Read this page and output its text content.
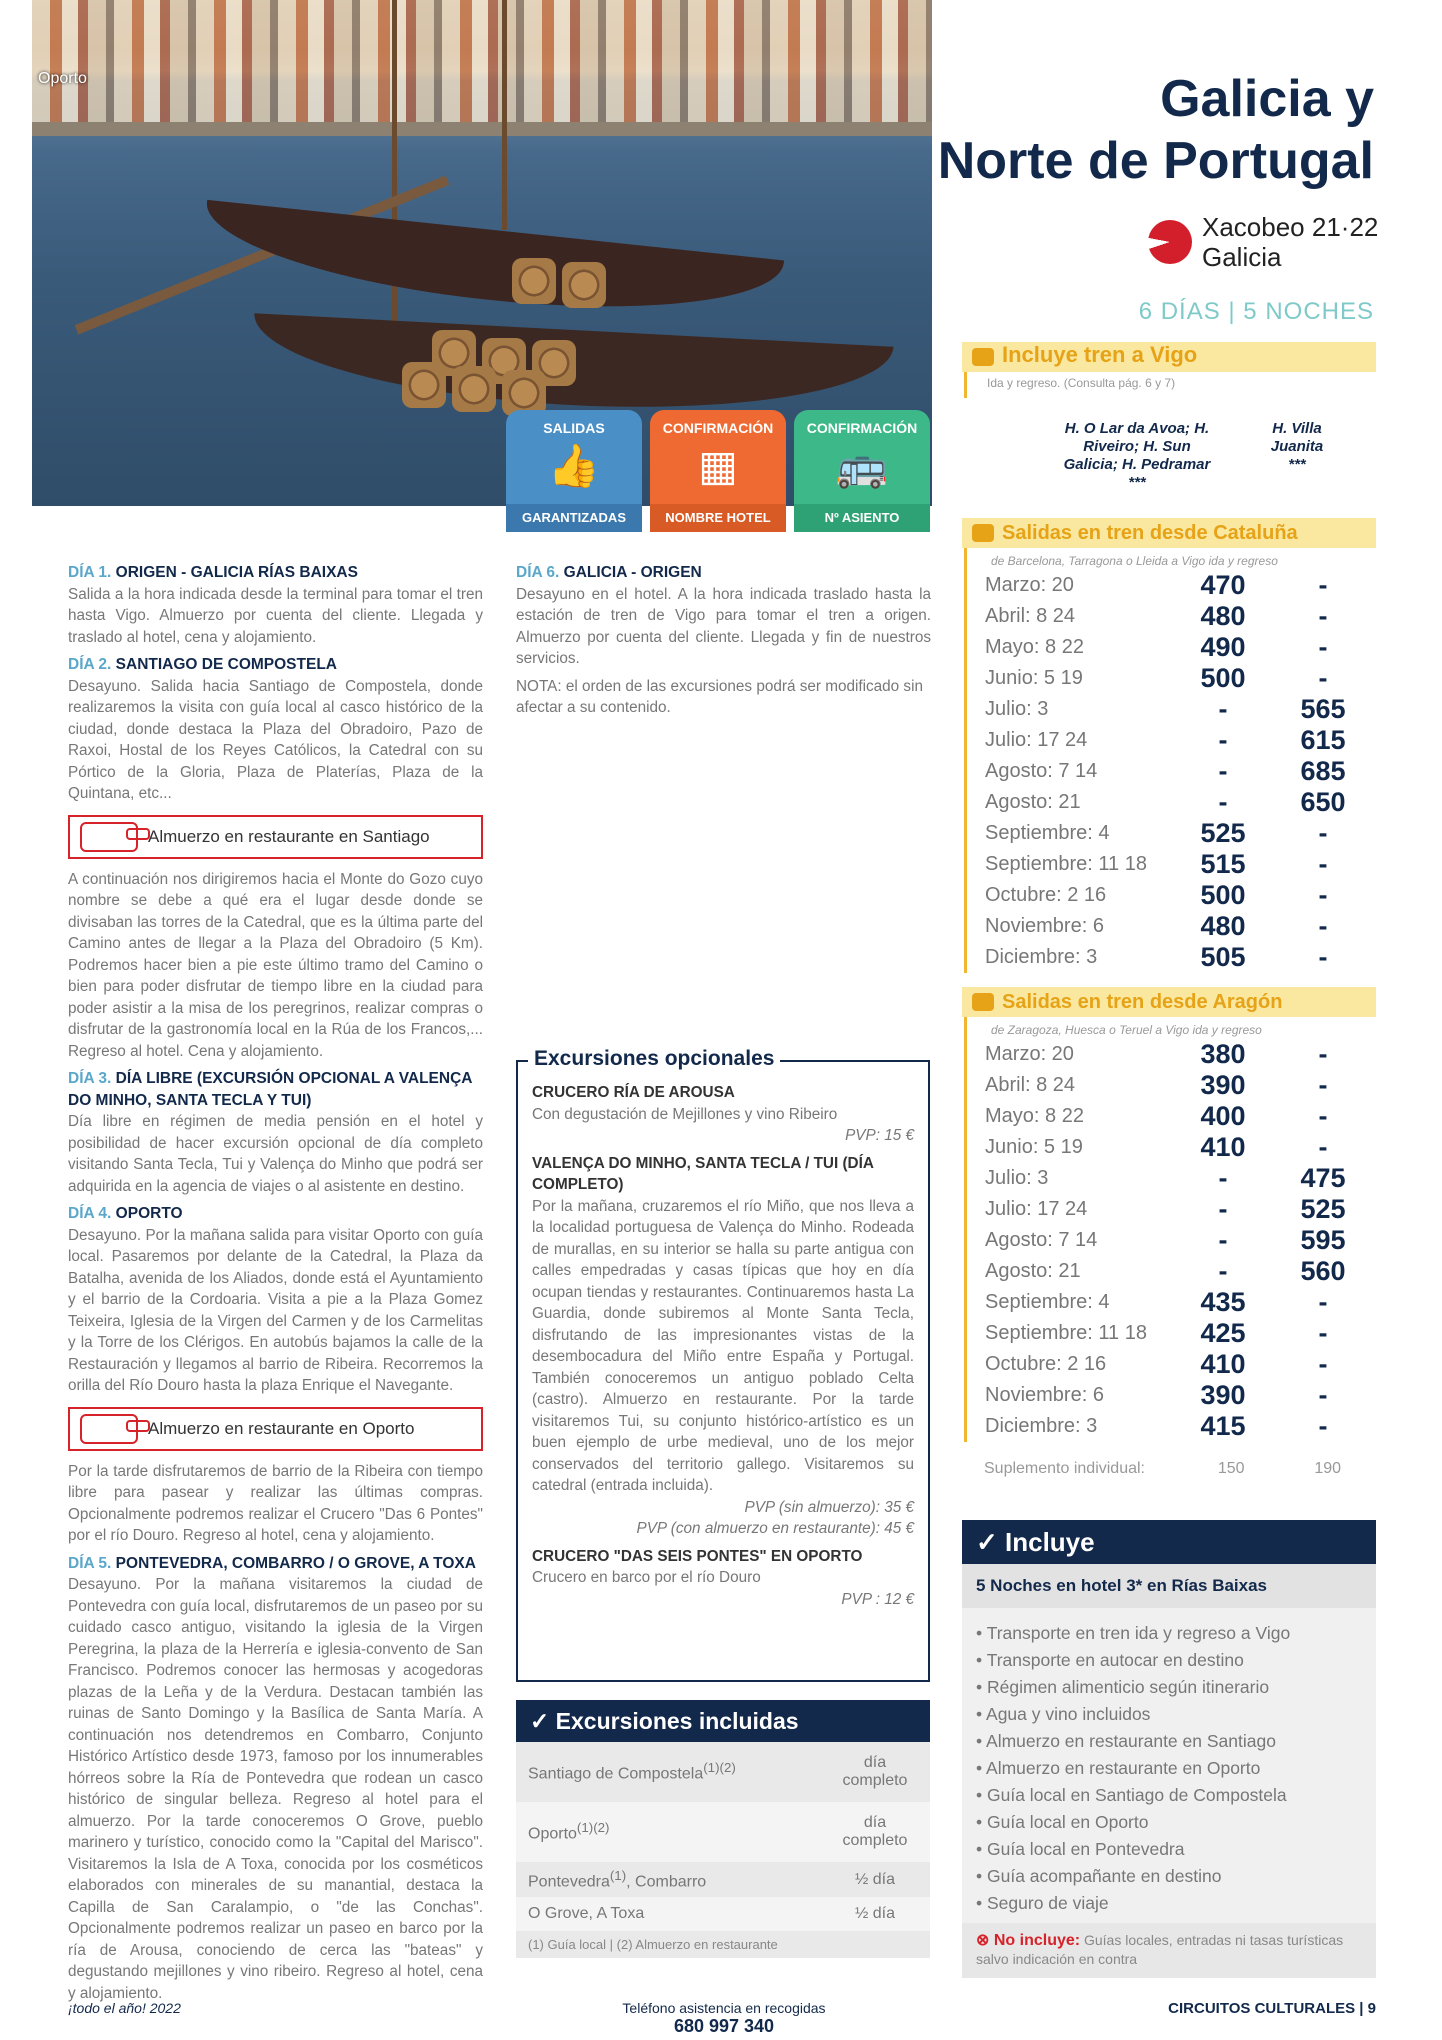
Oporto
SALIDAS
👍
GARANTIZADAS
CONFIRMACIÓN
▦
NOMBRE HOTEL
CONFIRMACIÓN
🚌
Nº ASIENTO
Galicia y
Norte de Portugal
Xacobeo 21·22
Galicia
6 DÍAS | 5 NOCHES
DÍA 1. ORIGEN - GALICIA RÍAS BAIXAS

Salida a la hora indicada desde la terminal para tomar el tren hasta Vigo. Almuerzo por cuenta del cliente. Llegada y traslado al hotel, cena y alojamiento.

DÍA 2. SANTIAGO DE COMPOSTELA

Desayuno. Salida hacia Santiago de Compostela, donde realizaremos la visita con guía local al casco histórico de la ciudad, donde destaca la Plaza del Obradoiro, Pazo de Raxoi, Hostal de los Reyes Católicos, la Catedral con su Pórtico de la Gloria, Plaza de Platerías, Plaza de la Quintana, etc...

Almuerzo en restaurante en Santiago

A continuación nos dirigiremos hacia el Monte do Gozo cuyo nombre se debe a qué era el lugar desde donde se divisaban las torres de la Catedral, que es la última parte del Camino antes de llegar a la Plaza del Obradoiro (5 Km). Podremos hacer bien a pie este último tramo del Camino o bien para poder disfrutar de tiempo libre en la ciudad para poder asistir a la misa de los peregrinos, realizar compras o disfrutar de la gastronomía local en la Rúa de los Francos,... Regreso al hotel. Cena y alojamiento.

DÍA 3. DÍA LIBRE (EXCURSIÓN OPCIONAL A VALENÇA DO MINHO, SANTA TECLA Y TUI)

Día libre en régimen de media pensión en el hotel y posibilidad de hacer excursión opcional de día completo visitando Santa Tecla, Tui y Valença do Minho que podrá ser adquirida en la agencia de viajes o al asistente en destino.

DÍA 4. OPORTO

Desayuno. Por la mañana salida para visitar Oporto con guía local. Pasaremos por delante de la Catedral, la Plaza da Batalha, avenida de los Aliados, donde está el Ayuntamiento y el barrio de la Cordoaria. Visita a pie a la Plaza Gomez Teixeira, Iglesia de la Virgen del Carmen y de los Carmelitas y la Torre de los Clérigos. En autobús bajamos la calle de la Restauración y llegamos al barrio de Ribeira. Recorremos la orilla del Río Douro hasta la plaza Enrique el Navegante.

Almuerzo en restaurante en Oporto

Por la tarde disfrutaremos de barrio de la Ribeira con tiempo libre para pasear y realizar las últimas compras. Opcionalmente podremos realizar el Crucero "Das 6 Pontes" por el río Douro. Regreso al hotel, cena y alojamiento.

DÍA 5. PONTEVEDRA, COMBARRO / O GROVE, A TOXA

Desayuno. Por la mañana visitaremos la ciudad de Pontevedra con guía local, disfrutaremos de un paseo por su cuidado casco antiguo, visitando la iglesia de la Virgen Peregrina, la plaza de la Herrería e iglesia-convento de San Francisco. Podremos conocer las hermosas y acogedoras plazas de la Leña y de la Verdura. Destacan también las ruinas de Santo Domingo y la Basílica de Santa María. A continuación nos detendremos en Combarro, Conjunto Histórico Artístico desde 1973, famoso por los innumerables hórreos sobre la Ría de Pontevedra que rodean un casco histórico de singular belleza. Regreso al hotel para el almuerzo. Por la tarde conoceremos O Grove, pueblo marinero y turístico, conocido como la "Capital del Marisco". Visitaremos la Isla de A Toxa, conocida por los cosméticos elaborados con minerales de su manantial, destaca la Capilla de San Caralampio, o "de las Conchas". Opcionalmente podremos realizar un paseo en barco por la ría de Arousa, conociendo de cerca las "bateas" y degustando mejillones y vino ribeiro. Regreso al hotel, cena y alojamiento.

DÍA 6. GALICIA - ORIGEN

Desayuno en el hotel. A la hora indicada traslado hasta la estación de tren de Vigo para tomar el tren a origen. Almuerzo por cuenta del cliente. Llegada y fin de nuestros servicios.

NOTA: el orden de las excursiones podrá ser modificado sin afectar a su contenido.

Excursiones opcionales
CRUCERO RÍA DE AROUSA
Con degustación de Mejillones y vino Ribeiro
PVP: 15 €
VALENÇA DO MINHO, SANTA TECLA / TUI (DÍA COMPLETO)
Por la mañana, cruzaremos el río Miño, que nos lleva a la localidad portuguesa de Valença do Minho. Rodeada de murallas, en su interior se halla su parte antigua con calles empedradas y casas típicas que hoy en día ocupan tiendas y restaurantes. Continuaremos hasta La Guardia, donde subiremos al Monte Santa Tecla, disfrutando de las impresionantes vistas de la desembocadura del Miño entre España y Portugal. También conoceremos un antiguo poblado Celta (castro). Almuerzo en restaurante. Por la tarde visitaremos Tui, su conjunto histórico-artístico es un buen ejemplo de urbe medieval, uno de los mejor conservados del territorio gallego. Visitaremos su catedral (entrada incluida).
PVP (sin almuerzo): 35 €
PVP (con almuerzo en restaurante): 45 €
CRUCERO "DAS SEIS PONTES" EN OPORTO
Crucero en barco por el río Douro
PVP : 12 €
✓ Excursiones incluidas
Santiago de Compostela$^{(1)(2)}$	día completo
Oporto$^{(1)(2)}$	día completo
Pontevedra$^{(1)}$, Combarro	½ día
O Grove, A Toxa	½ día
(1) Guía local | (2) Almuerzo en restaurante
Incluye tren a Vigo
Ida y regreso. (Consulta pág. 6 y 7)
H. O Lar da Avoa; H. Riveiro; H. Sun Galicia; H. Pedramar
***
H. Villa Juanita
***
Salidas en tren desde Cataluña
de Barcelona, Tarragona o Lleida a Vigo ida y regreso
Marzo: 20	470	-
Abril: 8 24	480	-
Mayo: 8 22	490	-
Junio: 5 19	500	-
Julio: 3	-	565
Julio: 17 24	-	615
Agosto: 7 14	-	685
Agosto: 21	-	650
Septiembre: 4	525	-
Septiembre: 11 18	515	-
Octubre: 2 16	500	-
Noviembre: 6	480	-
Diciembre: 3	505	-
Salidas en tren desde Aragón
de Zaragoza, Huesca o Teruel a Vigo ida y regreso
Marzo: 20	380	-
Abril: 8 24	390	-
Mayo: 8 22	400	-
Junio: 5 19	410	-
Julio: 3	-	475
Julio: 17 24	-	525
Agosto: 7 14	-	595
Agosto: 21	-	560
Septiembre: 4	435	-
Septiembre: 11 18	425	-
Octubre: 2 16	410	-
Noviembre: 6	390	-
Diciembre: 3	415	-
Suplemento individual:	150	190
✓ Incluye
5 Noches en hotel 3* en Rías Baixas
• Transporte en tren ida y regreso a Vigo
• Transporte en autocar en destino
• Régimen alimenticio según itinerario
• Agua y vino incluidos
• Almuerzo en restaurante en Santiago
• Almuerzo en restaurante en Oporto
• Guía local en Santiago de Compostela
• Guía local en Oporto
• Guía local en Pontevedra
• Guía acompañante en destino
• Seguro de viaje
⊗ No incluye: Guías locales, entradas ni tasas turísticas salvo indicación en contra
¡todo el año! 2022	Teléfono asistencia en recogidas
680 997 340
CIRCUITOS CULTURALES | 9
